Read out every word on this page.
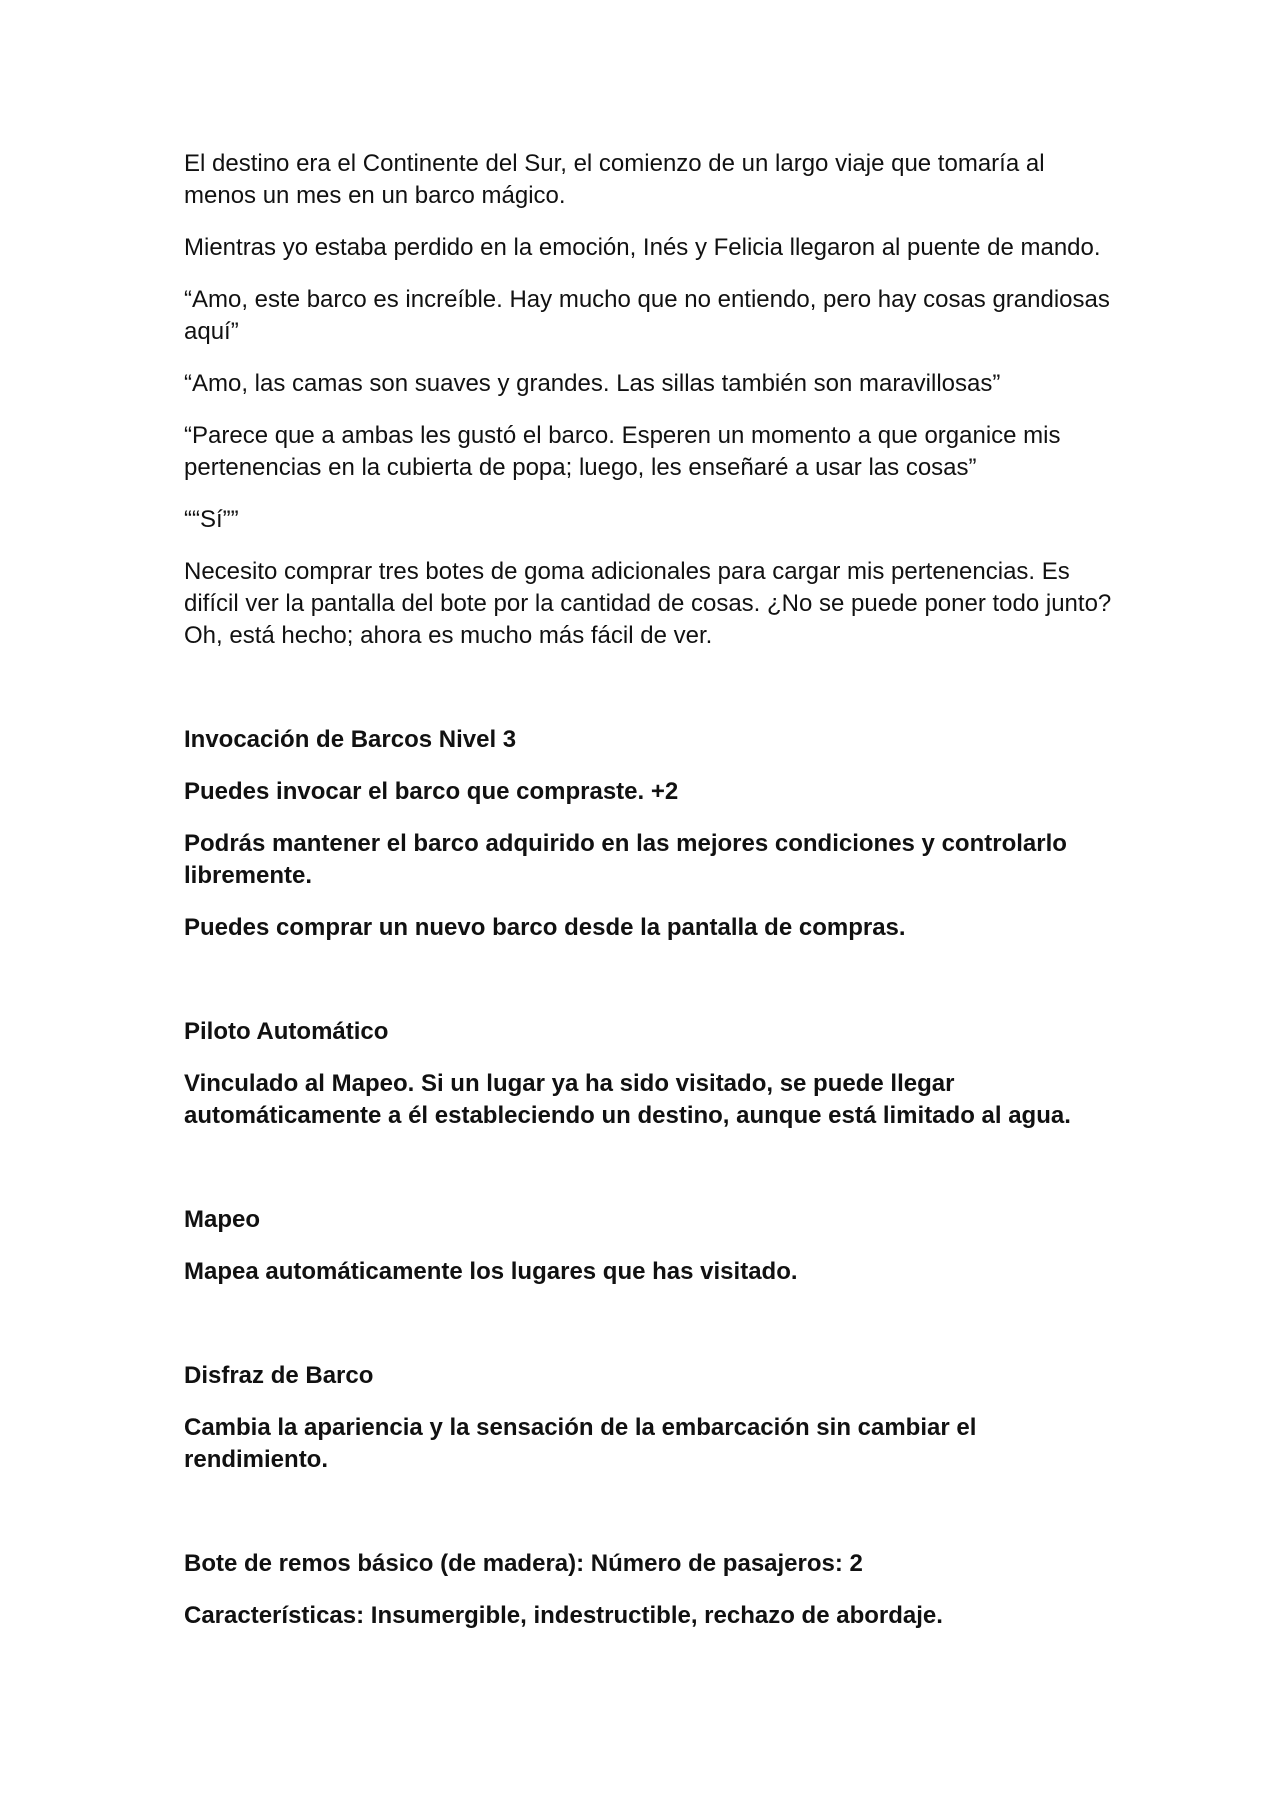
El destino era el Continente del Sur, el comienzo de un largo viaje que tomaría al menos un mes en un barco mágico.

Mientras yo estaba perdido en la emoción, Inés y Felicia llegaron al puente de mando.

“Amo, este barco es increíble. Hay mucho que no entiendo, pero hay cosas grandiosas aquí”

“Amo, las camas son suaves y grandes. Las sillas también son maravillosas”

“Parece que a ambas les gustó el barco. Esperen un momento a que organice mis pertenencias en la cubierta de popa; luego, les enseñaré a usar las cosas”

““Sí””

Necesito comprar tres botes de goma adicionales para cargar mis pertenencias. Es difícil ver la pantalla del bote por la cantidad de cosas. ¿No se puede poner todo junto? Oh, está hecho; ahora es mucho más fácil de ver.

Invocación de Barcos Nivel 3

Puedes invocar el barco que compraste. +2

Podrás mantener el barco adquirido en las mejores condiciones y controlarlo libremente.

Puedes comprar un nuevo barco desde la pantalla de compras.

Piloto Automático

Vinculado al Mapeo. Si un lugar ya ha sido visitado, se puede llegar automáticamente a él estableciendo un destino, aunque está limitado al agua.

Mapeo

Mapea automáticamente los lugares que has visitado.

Disfraz de Barco

Cambia la apariencia y la sensación de la embarcación sin cambiar el rendimiento.

Bote de remos básico (de madera): Número de pasajeros: 2

Características: Insumergible, indestructible, rechazo de abordaje.
